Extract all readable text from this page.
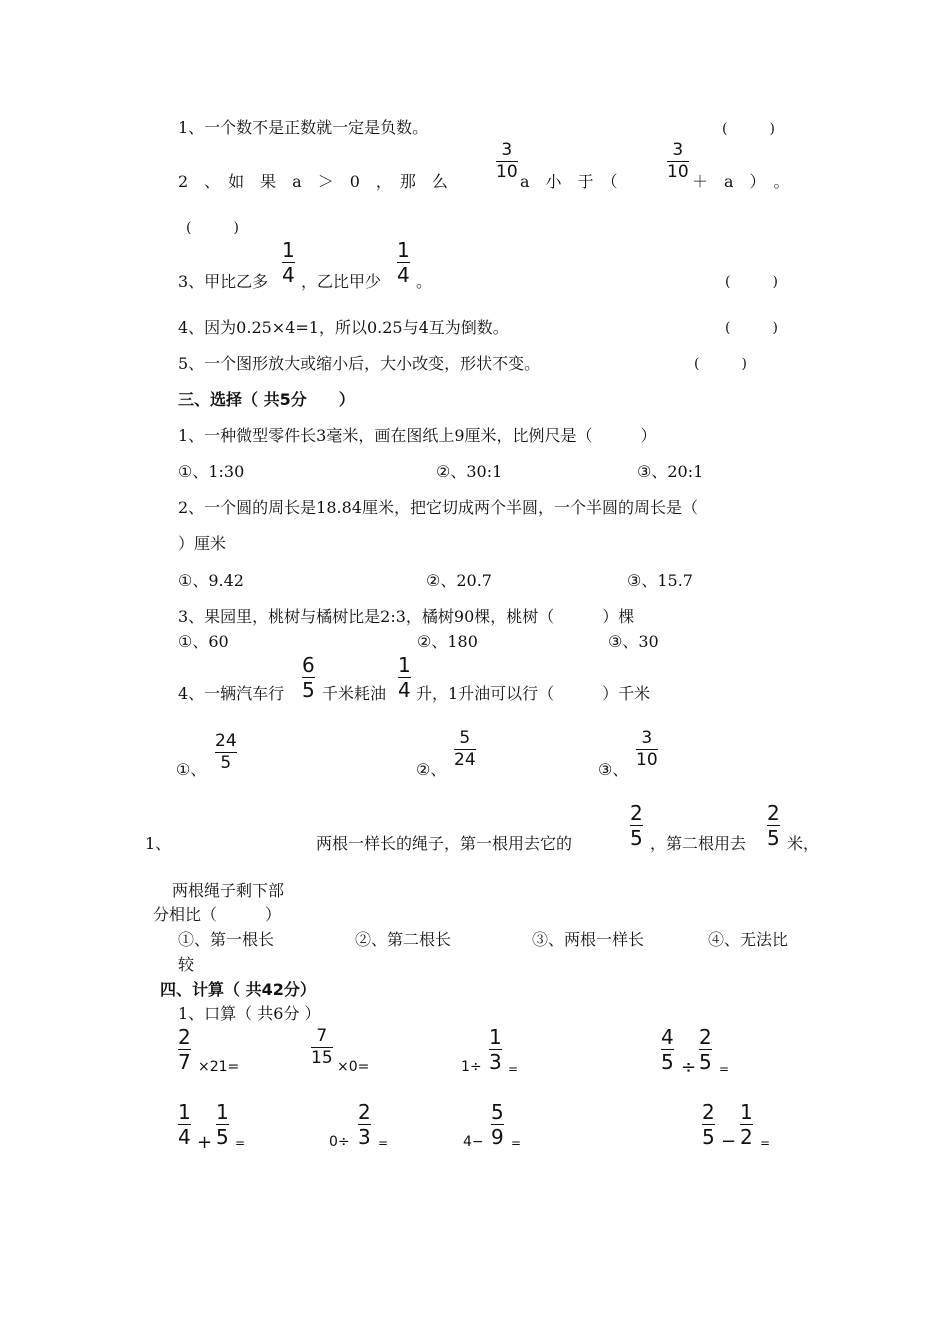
1、一个数不是正数就一定是负数。	(　　　)
2　、　如　果　a　＞　0　，　那　么
3
10 a　小　于　（
3
10 ＋　a　）　。
(　　　)
3、甲比乙多
1
4 ，乙比甲少
1
4 。	(　　　)
4、因为0.25×4=1，所以0.25与4互为倒数。	(　　　)
5、一个图形放大或缩小后，大小改变，形状不变。	(　　　)
三、选择（ 共5分　　）
1、一种微型零件长3毫米，画在图纸上9厘米，比例尺是（　　　）
①、1:30	②、30:1	③、20:1
2、一个圆的周长是18.84厘米，把它切成两个半圆，一个半圆的周长是（
）厘米
①、9.42	②、20.7	③、15.7
3、果园里，桃树与橘树比是2:3，橘树90棵，桃树（　　　）棵
①、60	②、180	③、30
4、一辆汽车行
6
5 千米耗油
1
4 升，1升油可以行（　　　）千米
①、
24
5	②、
5
24	③、
3
10
1、	两根一样长的绳子，第一根用去它的
2
5 ，第二根用去
2
5 米，
两根绳子剩下部
分相比（　　　）
①、第一根长	②、第二根长	③、两根一样长	④、无法比
较
四、计算（ 共42分）
1、口算（ 共6分 ）
2
7 ×21=
7
15 ×0=	1÷
1
3 =
4
5 ÷
2
5 =
1
4 +
1
5 =	0÷
2
3 =	4−
5
9 =
2
5 −
1
2 =
